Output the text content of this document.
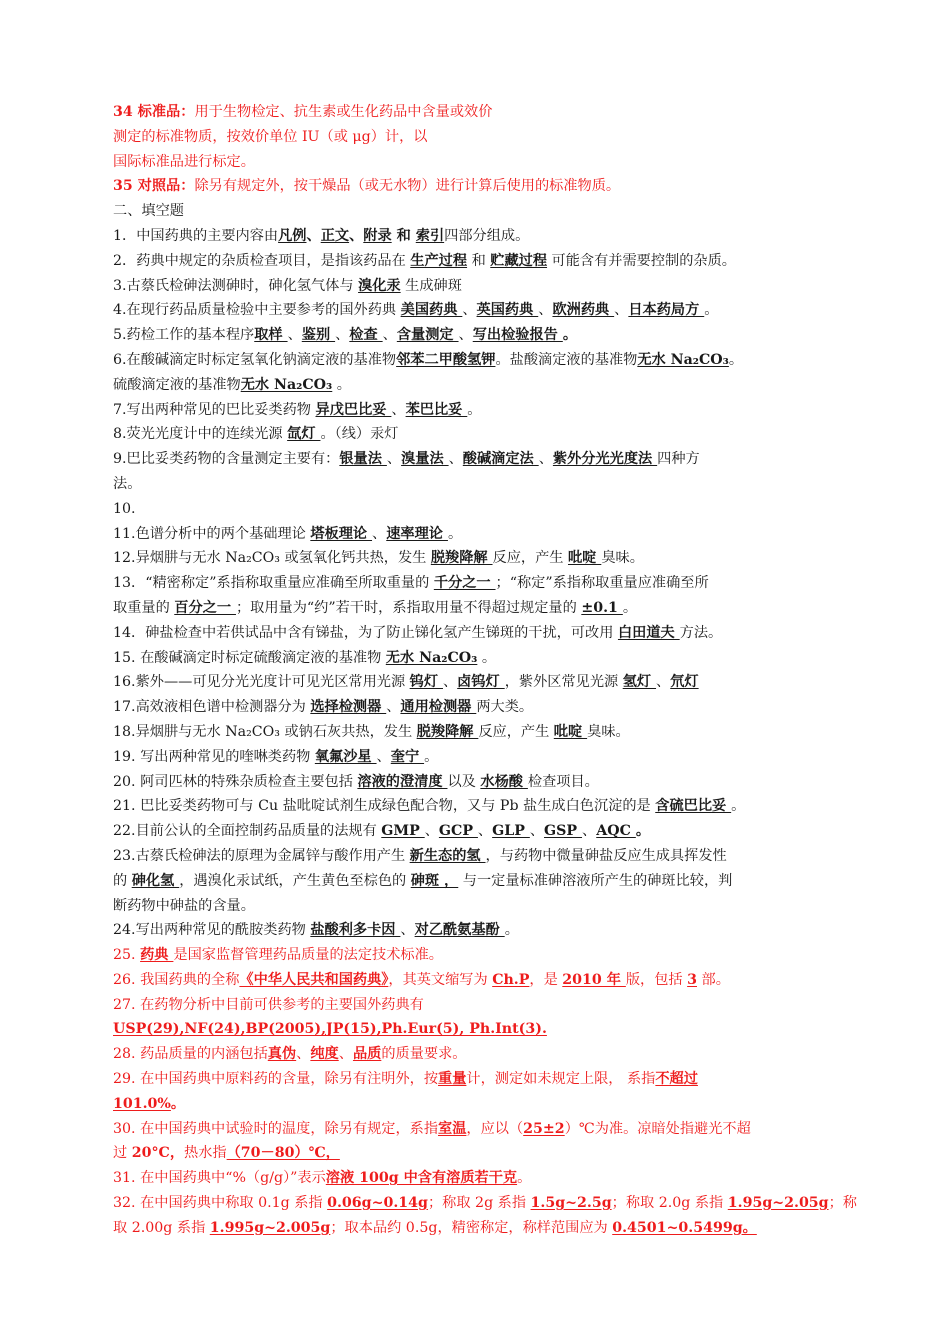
34 标准品：用于生物检定、抗生素或生化药品中含量或效价
测定的标准物质，按效价单位 IU（或 μg）计，以
国际标准品进行标定。
35 对照品：除另有规定外，按干燥品（或无水物）进行计算后使用的标准物质。
二、填空题
1．中国药典的主要内容由凡例、正文、附录 和 索引四部分组成。
2．药典中规定的杂质检查项目，是指该药品在 生产过程 和 贮藏过程 可能含有并需要控制的杂质。
3.古蔡氏检砷法测砷时，砷化氢气体与 溴化汞 生成砷斑
4.在现行药品质量检验中主要参考的国外药典 美国药典 、英国药典 、欧洲药典 、日本药局方 。
5.药检工作的基本程序取样 、鉴别 、检查 、含量测定 、写出检验报告 。
6.在酸碱滴定时标定氢氧化钠滴定液的基准物邻苯二甲酸氢钾。盐酸滴定液的基准物无水 Na₂CO₃。
硫酸滴定液的基准物无水 Na₂CO₃ 。
7.写出两种常见的巴比妥类药物 异戊巴比妥 、苯巴比妥 。
8.荧光光度计中的连续光源 氙灯 。（线）汞灯
9.巴比妥类药物的含量测定主要有：银量法 、溴量法 、酸碱滴定法 、紫外分光光度法 四种方
法。
10.
11.色谱分析中的两个基础理论 塔板理论 、速率理论 。
12.异烟肼与无水 Na₂CO₃ 或氢氧化钙共热，发生 脱羧降解 反应，产生 吡啶 臭味。
13．“精密称定”系指称取重量应准确至所取重量的 千分之一 ；“称定”系指称取重量应准确至所
取重量的 百分之一 ；取用量为“约”若干时，系指取用量不得超过规定量的 ±0.1 。
14．砷盐检查中若供试品中含有锑盐，为了防止锑化氢产生锑斑的干扰，可改用 白田道夫 方法。
15. 在酸碱滴定时标定硫酸滴定液的基准物 无水 Na₂CO₃ 。
16.紫外——可见分光光度计可见光区常用光源 钨灯 、卤钨灯 ，紫外区常见光源 氢灯 、氘灯
17.高效液相色谱中检测器分为 选择检测器 、通用检测器 两大类。
18.异烟肼与无水 Na₂CO₃ 或钠石灰共热，发生 脱羧降解 反应，产生 吡啶 臭味。
19. 写出两种常见的喹啉类药物 氧氟沙星 、奎宁 。
20. 阿司匹林的特殊杂质检查主要包括 溶液的澄清度 以及 水杨酸 检查项目。
21. 巴比妥类药物可与 Cu 盐吡啶试剂生成绿色配合物，又与 Pb 盐生成白色沉淀的是 含硫巴比妥 。
22.目前公认的全面控制药品质量的法规有 GMP 、GCP 、GLP 、GSP 、AQC 。
23.古蔡氏检砷法的原理为金属锌与酸作用产生 新生态的氢 ，与药物中微量砷盐反应生成具挥发性
的 砷化氢 ，遇溴化汞试纸，产生黄色至棕色的 砷斑 ， 与一定量标准砷溶液所产生的砷斑比较，判
断药物中砷盐的含量。
24.写出两种常见的酰胺类药物 盐酸利多卡因 、对乙酰氨基酚 。
25. 药典 是国家监督管理药品质量的法定技术标准。
26. 我国药典的全称《中华人民共和国药典》，其英文缩写为 Ch.P，是 2010 年 版，包括 3 部。
27. 在药物分析中目前可供参考的主要国外药典有
USP(29),NF(24),BP(2005),JP(15),Ph.Eur(5), Ph.Int(3).
28. 药品质量的内涵包括真伪、纯度、品质的质量要求。
29. 在中国药典中原料药的含量，除另有注明外，按重量计，测定如未规定上限， 系指不超过
101.0%。
30. 在中国药典中试验时的温度，除另有规定，系指室温，应以（25±2）℃为准。凉暗处指避光不超
过 20°C，热水指（70－80）℃，
31. 在中国药典中“%（g/g）”表示溶液 100g 中含有溶质若干克。
32. 在中国药典中称取 0.1g 系指 0.06g~0.14g；称取 2g 系指 1.5g~2.5g；称取 2.0g 系指 1.95g~2.05g；称
取 2.00g 系指 1.995g~2.005g；取本品约 0.5g，精密称定，称样范围应为 0.4501~0.5499g。
